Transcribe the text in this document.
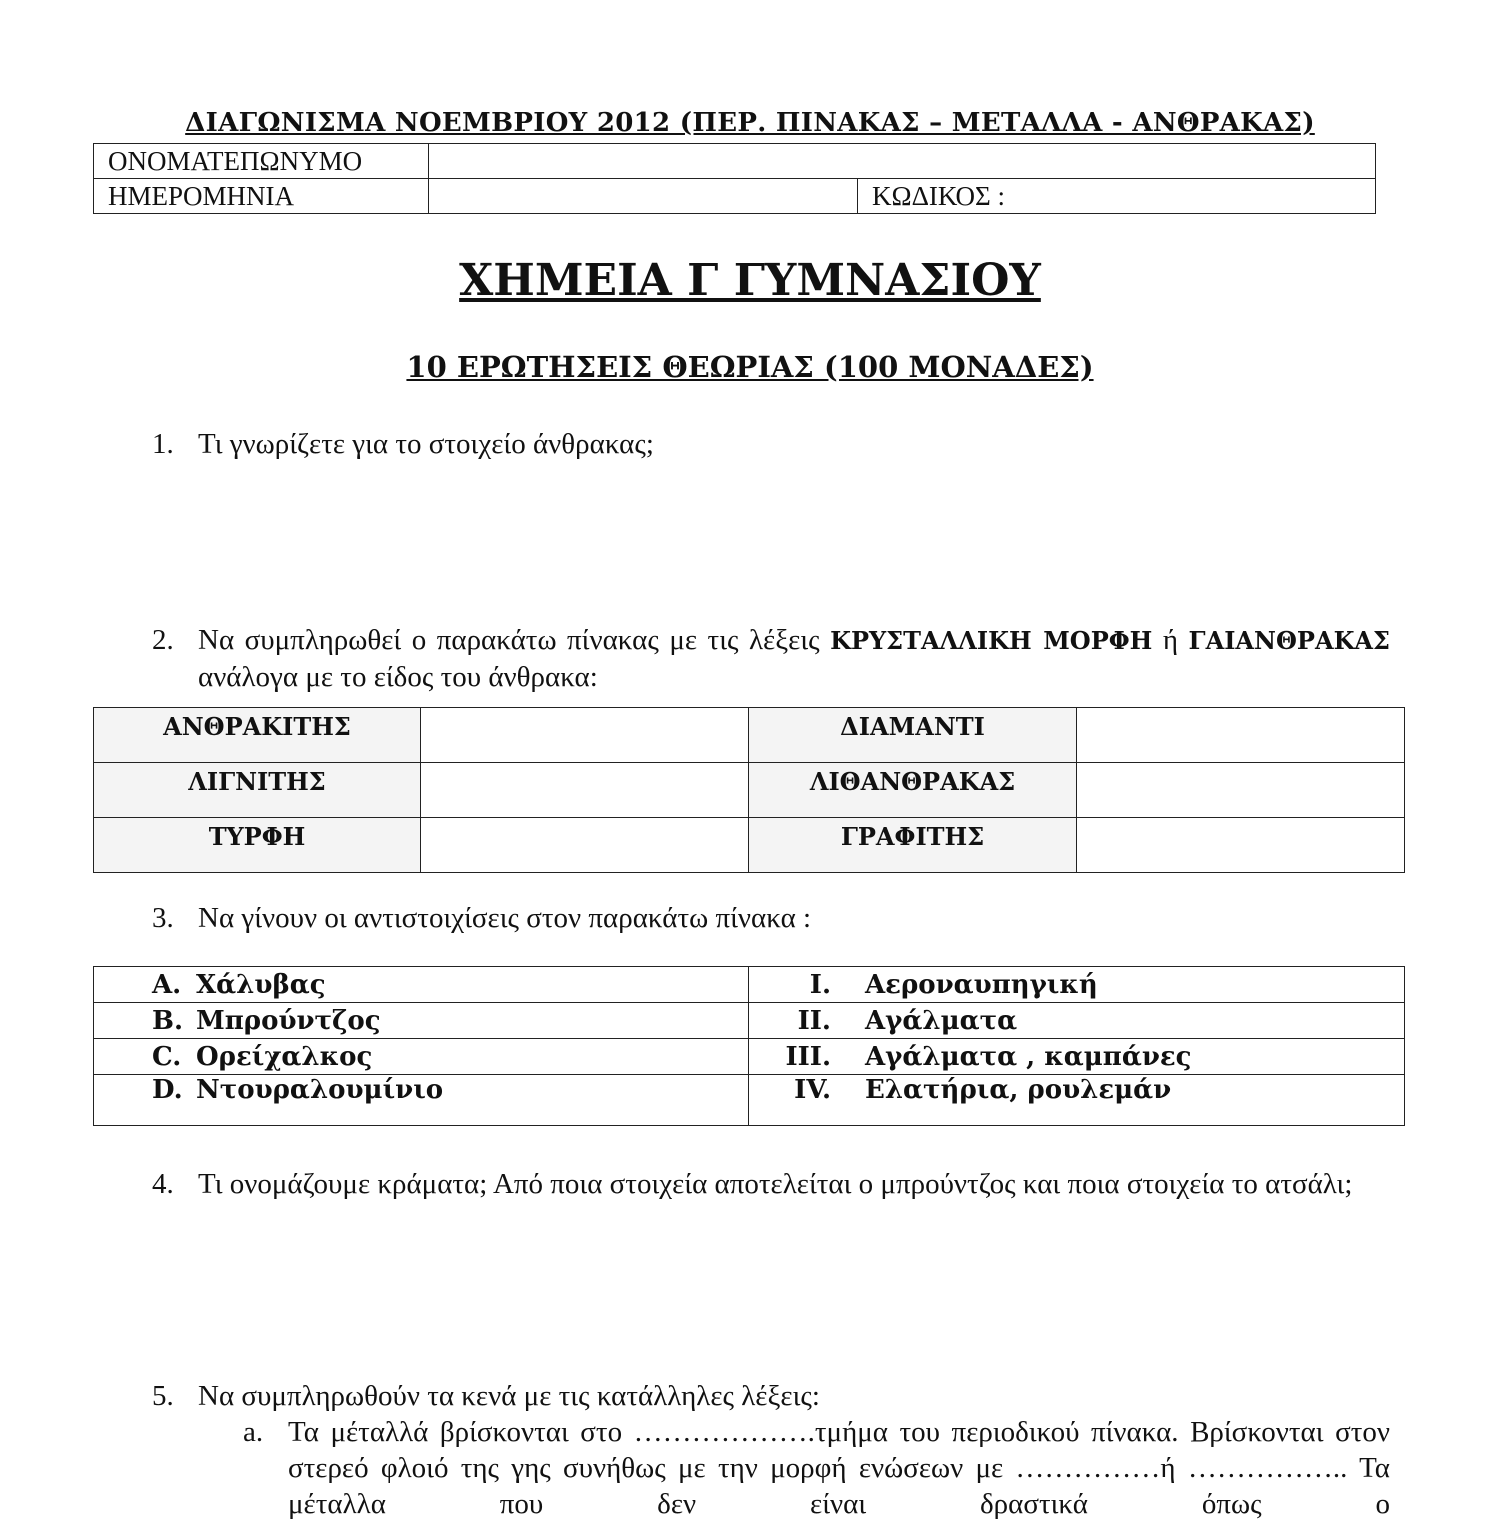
ΔΙΑΓΩΝΙΣΜΑ ΝΟΕΜΒΡΙΟΥ 2012 (ΠΕΡ. ΠΙΝΑΚΑΣ – ΜΕΤΑΛΛΑ - ΑΝΘΡΑΚΑΣ)
ΟΝΟΜΑΤΕΠΩΝΥΜΟ		
ΗΜΕΡΟΜΗΝΙΑ		ΚΩΔΙΚΟΣ :
ΧΗΜΕΙΑ Γ ΓΥΜΝΑΣΙΟΥ
10 ΕΡΩΤΗΣΕΙΣ ΘΕΩΡΙΑΣ (100 ΜΟΝΑΔΕΣ)
1. Τι γνωρίζετε για το στοιχείο άνθρακας;
2. Να συμπληρωθεί ο παρακάτω πίνακας με τις λέξεις ΚΡΥΣΤΑΛΛΙΚΗ ΜΟΡΦΗ ή ΓΑΙΑΝΘΡΑΚΑΣ ανάλογα με το είδος του άνθρακα:
ΑΝΘΡΑΚΙΤΗΣ		ΔΙΑΜΑΝΤΙ	
ΛΙΓΝΙΤΗΣ		ΛΙΘΑΝΘΡΑΚΑΣ	
ΤΥΡΦΗ		ΓΡΑΦΙΤΗΣ	
3. Να γίνουν οι αντιστοιχίσεις στον παρακάτω πίνακα :
A. Χάλυβας	I. Αεροναυπηγική
B. Μπρούντζος	II. Αγάλματα
C. Ορείχαλκος	III. Αγάλματα , καμπάνες
D. Ντουραλουμίνιο	IV. Ελατήρια, ρουλεμάν
4. Τι ονομάζουμε κράματα; Από ποια στοιχεία αποτελείται ο μπρούντζος και ποια στοιχεία το ατσάλι;
5. Να συμπληρωθούν τα κενά με τις κατάλληλες λέξεις:
a. Τα μέταλλά βρίσκονται στο ……………….τμήμα του περιοδικού πίνακα. Βρίσκονται στον στερεό φλοιό της γης συνήθως με την μορφή ενώσεων με ……………ή …………….. Τα μέταλλα που δεν είναι δραστικά όπως ο
